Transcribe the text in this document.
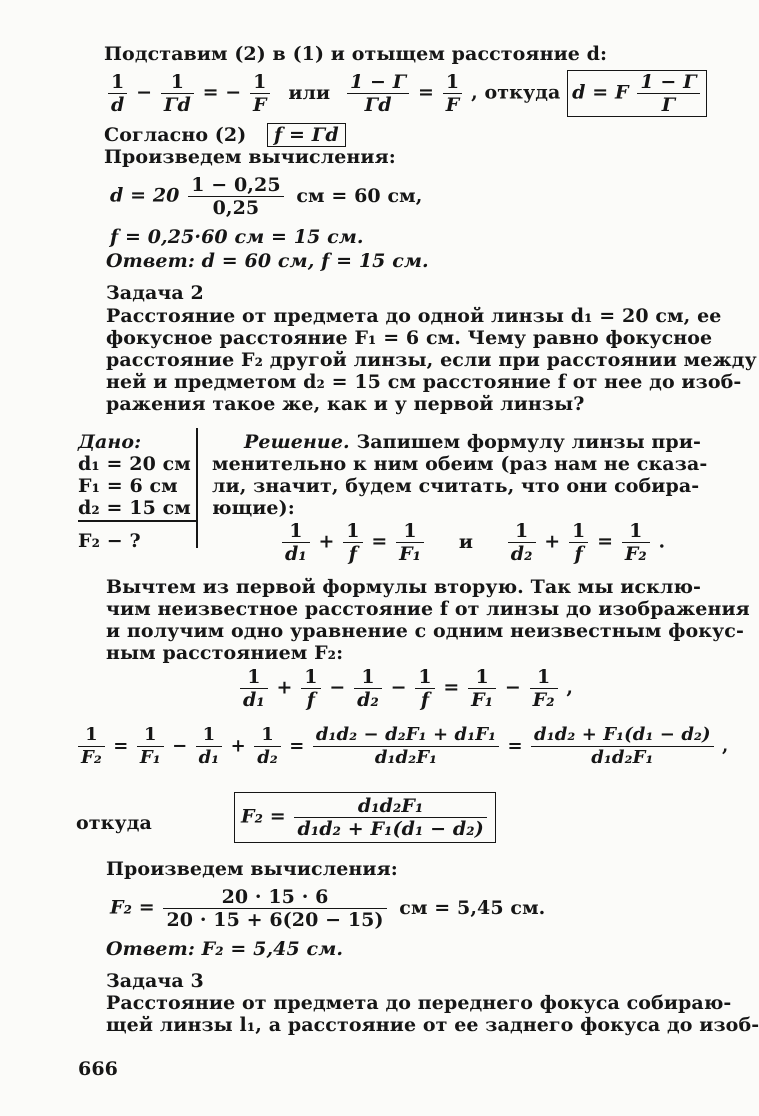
Подставим (2) в (1) и отыщем расстояние d:
$\frac{1}{d} - \frac{1}{\Gamma d}$ = − $\frac{1}{F}$ или $\frac{1 - \Gamma}{\Gamma d} = \frac{1}{F}$ , откуда d = F $\frac{1 - \Gamma}{\Gamma}$
Согласно (2) f = Γd
Произведем вычисления:
$d = 20 \frac{1 - 0,25}{0,25}$ см = 60 см,
f = 0,25·60 см = 15 см.
Ответ: d = 60 см, f = 15 см.
Задача 2
Расстояние от предмета до одной линзы d₁ = 20 см, ее
фокусное расстояние F₁ = 6 см. Чему равно фокусное
расстояние F₂ другой линзы, если при расстоянии между
ней и предметом d₂ = 15 см расстояние f от нее до изоб-
ражения такое же, как и у первой линзы?
Дано:
d₁ = 20 см
F₁ = 6 см
d₂ = 15 см
F₂ − ?
Решение. Запишем формулу линзы при-
менительно к ним обеим (раз нам не сказа-
ли, значит, будем считать, что они собира-
ющие):
$\frac{1}{\text{d₁}} + \frac{1}{f} = \frac{1}{\text{F₁}}$ и $\frac{1}{\text{d₂}} + \frac{1}{f} = \frac{1}{\text{F₂}}$ .
Вычтем из первой формулы вторую. Так мы исклю-
чим неизвестное расстояние f от линзы до изображения
и получим одно уравнение с одним неизвестным фокус-
ным расстоянием F₂:
$\frac{1}{\text{d₁}} + \frac{1}{f} - \frac{1}{\text{d₂}} - \frac{1}{f} = \frac{1}{\text{F₁}} - \frac{1}{\text{F₂}}$ ,
$\frac{1}{\text{F₂}} = \frac{1}{\text{F₁}} - \frac{1}{\text{d₁}} + \frac{1}{\text{d₂}} = \frac{\text{d₁d₂ − d₂F₁ + d₁F₁}}{\text{d₁d₂F₁}} = \frac{\text{d₁d₂ + F₁(d₁ − d₂)}}{\text{d₁d₂F₁}}$ ,
откуда	$F_2 = \frac{\text{d₁d₂F₁}}{\text{d₁d₂ + F₁(d₁ − d₂)}}$
Произведем вычисления:
$F_2 = \frac{20 \cdot 15 \cdot 6}{20 \cdot 15 + 6(20 - 15)}$ см = 5,45 см.
Ответ: F₂ = 5,45 см.
Задача 3
Расстояние от предмета до переднего фокуса собираю-
щей линзы l₁, а расстояние от ее заднего фокуса до изоб-
666
